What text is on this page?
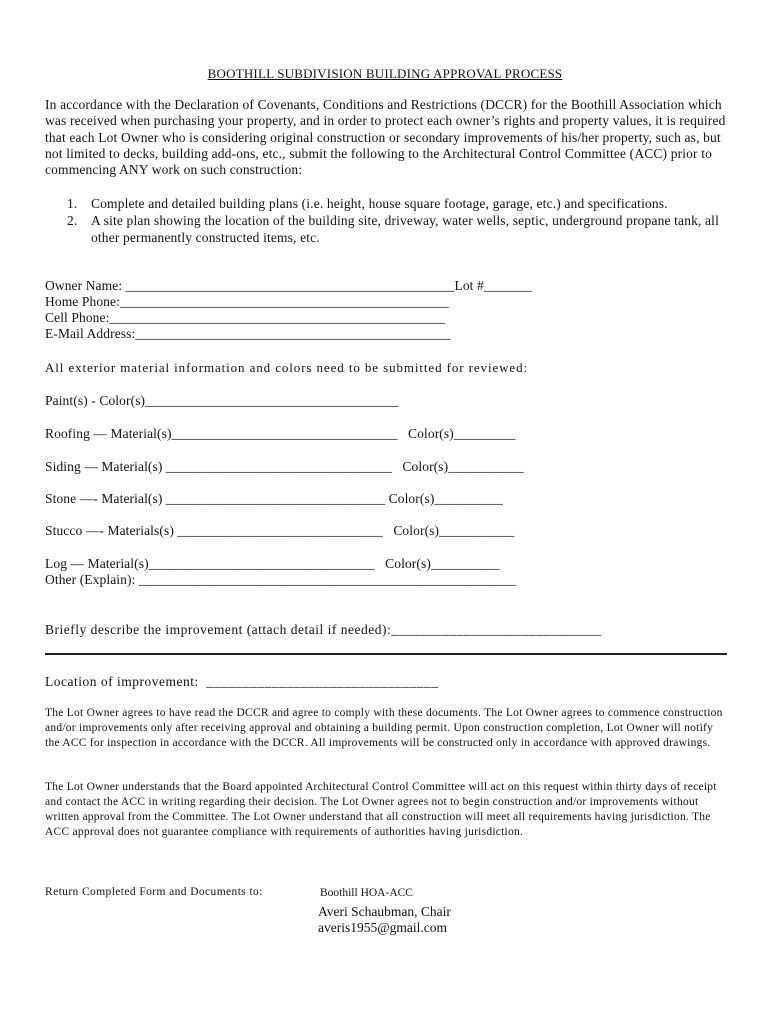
BOOTHILL SUBDIVISION BUILDING APPROVAL PROCESS
In accordance with the Declaration of Covenants, Conditions and Restrictions (DCCR) for the Boothill Association which was received when purchasing your property, and in order to protect each owner’s rights and property values, it is required that each Lot Owner who is considering original construction or secondary improvements of his/her property, such as, but not limited to decks, building add-ons, etc., submit the following to the Architectural Control Committee (ACC) prior to commencing ANY work on such construction:
1. Complete and detailed building plans (i.e. height, house square footage, garage, etc.) and specifications.
2. A site plan showing the location of the building site, driveway, water wells, septic, underground propane tank, all other permanently constructed items, etc.
Owner Name: ________________________________________________Lot #_______
Home Phone:________________________________________________
Cell Phone:_________________________________________________
E-Mail Address:______________________________________________
All exterior material information and colors need to be submitted for reviewed:
Paint(s) - Color(s)_____________________________________
Roofing — Material(s)_________________________________   Color(s)_________
Siding — Material(s) _________________________________   Color(s)___________
Stone —- Material(s) ________________________________ Color(s)__________
Stucco —- Materials(s) ______________________________   Color(s)___________
Log — Material(s)_________________________________   Color(s)__________
Other (Explain): _______________________________________________________
Briefly describe the improvement (attach detail if needed):_____________________________
Location of improvement:  ________________________________
The Lot Owner agrees to have read the DCCR and agree to comply with these documents. The Lot Owner agrees to commence construction and/or improvements only after receiving approval and obtaining a building permit. Upon construction completion, Lot Owner will notify the ACC for inspection in accordance with the DCCR. All improvements will be constructed only in accordance with approved drawings.
The Lot Owner understands that the Board appointed Architectural Control Committee will act on this request within thirty days of receipt and contact the ACC in writing regarding their decision. The Lot Owner agrees not to begin construction and/or improvements without written approval from the Committee. The Lot Owner understand that all construction will meet all requirements having jurisdiction. The ACC approval does not guarantee compliance with requirements of authorities having jurisdiction.
Return Completed Form and Documents to:	Boothill HOA-ACC
Averi Schaubman, Chair
averis1955@gmail.com
